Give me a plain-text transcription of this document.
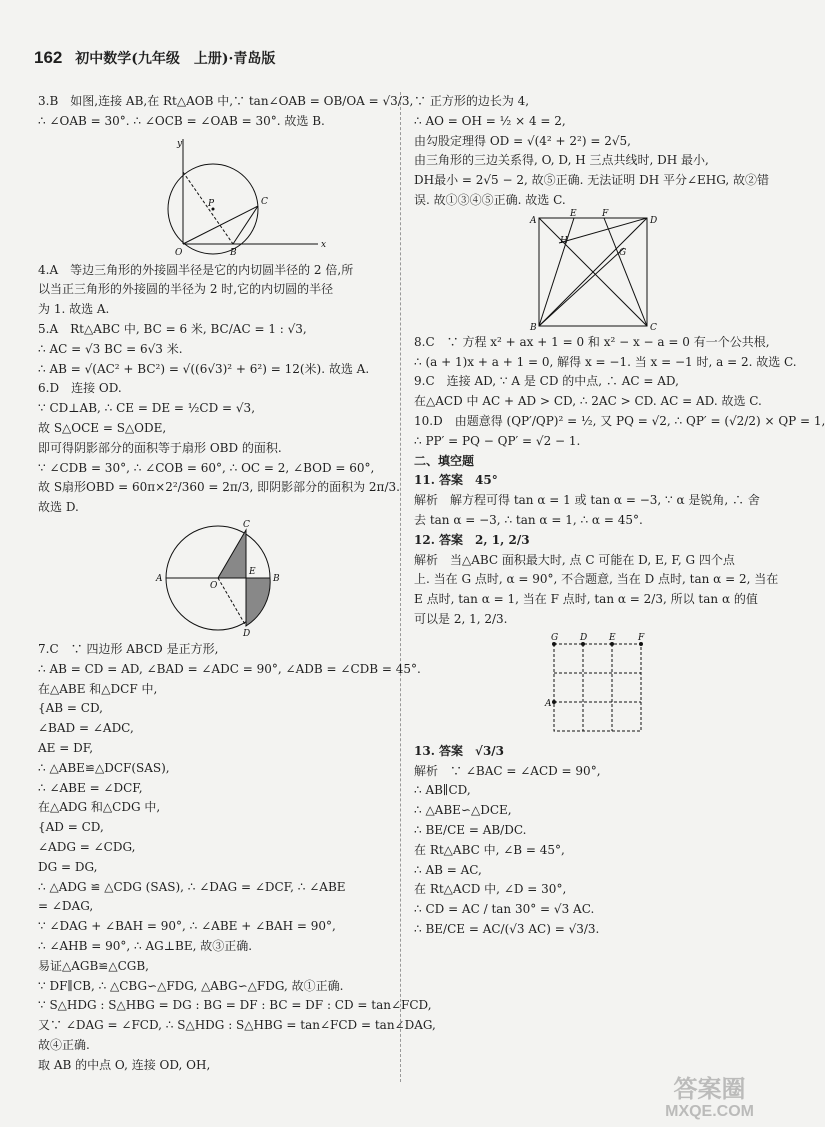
162 初中数学(九年级　上册)·青岛版
3.B　如图,连接 AB,在 Rt△AOB 中,∵ tan∠OAB = OB/OA = √3/3,
∴ ∠OAB = 30°. ∴ ∠OCB = ∠OAB = 30°. 故选 B.
y
x
O	B
C
P
4.A　等边三角形的外接圆半径是它的内切圆半径的 2 倍,所
以当正三角形的外接圆的半径为 2 时,它的内切圆的半径
为 1. 故选 A.
5.A　Rt△ABC 中, BC = 6 米, BC/AC = 1 : √3,
∴ AC = √3 BC = 6√3 米.
∴ AB = √(AC² + BC²) = √((6√3)² + 6²) = 12(米). 故选 A.
6.D　连接 OD.
∵ CD⊥AB, ∴ CE = DE = ½CD = √3,
故 S△OCE = S△ODE,
即可得阴影部分的面积等于扇形 OBD 的面积.
∵ ∠CDB = 30°, ∴ ∠COB = 60°, ∴ OC = 2, ∠BOD = 60°,
故 S扇形OBD = 60π×2²/360 = 2π/3, 即阴影部分的面积为 2π/3.
故选 D.
A	B
C
D
E
O
7.C　∵ 四边形 ABCD 是正方形,
∴ AB = CD = AD, ∠BAD = ∠ADC = 90°, ∠ADB = ∠CDB = 45°.
在△ABE 和△DCF 中,
{AB = CD,
∠BAD = ∠ADC,
AE = DF,
∴ △ABE≌△DCF(SAS),
∴ ∠ABE = ∠DCF,
在△ADG 和△CDG 中,
{AD = CD,
∠ADG = ∠CDG,
DG = DG,
∴ △ADG ≌ △CDG (SAS), ∴ ∠DAG = ∠DCF, ∴ ∠ABE
= ∠DAG,
∵ ∠DAG + ∠BAH = 90°, ∴ ∠ABE + ∠BAH = 90°,
∴ ∠AHB = 90°, ∴ AG⊥BE, 故③正确.
易证△AGB≌△CGB,
∵ DF∥CB, ∴ △CBG∽△FDG, △ABG∽△FDG, 故①正确.
∵ S△HDG : S△HBG = DG : BG = DF : BC = DF : CD = tan∠FCD,
又∵ ∠DAG = ∠FCD, ∴ S△HDG : S△HBG = tan∠FCD = tan∠DAG,
故④正确.
取 AB 的中点 O, 连接 OD, OH,
∵ 正方形的边长为 4,
∴ AO = OH = ½ × 4 = 2,
由勾股定理得 OD = √(4² + 2²) = 2√5,
由三角形的三边关系得, O, D, H 三点共线时, DH 最小,
DH最小 = 2√5 − 2, 故⑤正确. 无法证明 DH 平分∠EHG, 故②错
误. 故①③④⑤正确. 故选 C.
A
B	C
D
E	F
G
H
8.C　∵ 方程 x² + ax + 1 = 0 和 x² − x − a = 0 有一个公共根,
∴ (a + 1)x + a + 1 = 0, 解得 x = −1. 当 x = −1 时, a = 2. 故选 C.
9.C　连接 AD, ∵ A 是 CD 的中点, ∴ AC = AD,
在△ACD 中 AC + AD > CD, ∴ 2AC > CD. AC = AD. 故选 C.
10.D　由题意得 (QP′/QP)² = ½, 又 PQ = √2, ∴ QP′ = (√2/2) × QP = 1,
∴ PP′ = PQ − QP′ = √2 − 1.
二、填空题
11. 答案　45°
解析　解方程可得 tan α = 1 或 tan α = −3, ∵ α 是锐角, ∴ 舍
去 tan α = −3, ∴ tan α = 1, ∴ α = 45°.
12. 答案　2, 1, 2/3
解析　当△ABC 面积最大时, 点 C 可能在 D, E, F, G 四个点
上. 当在 G 点时, α = 90°, 不合题意, 当在 D 点时, tan α = 2, 当在
E 点时, tan α = 1, 当在 F 点时, tan α = 2/3, 所以 tan α 的值
可以是 2, 1, 2/3.
G D E F
A
13. 答案　√3/3
解析　∵ ∠BAC = ∠ACD = 90°,
∴ AB∥CD,
∴ △ABE∽△DCE,
∴ BE/CE = AB/DC.
在 Rt△ABC 中, ∠B = 45°,
∴ AB = AC,
在 Rt△ACD 中, ∠D = 30°,
∴ CD = AC / tan 30° = √3 AC.
∴ BE/CE = AC/(√3 AC) = √3/3.
答案圈
MXQE.COM
